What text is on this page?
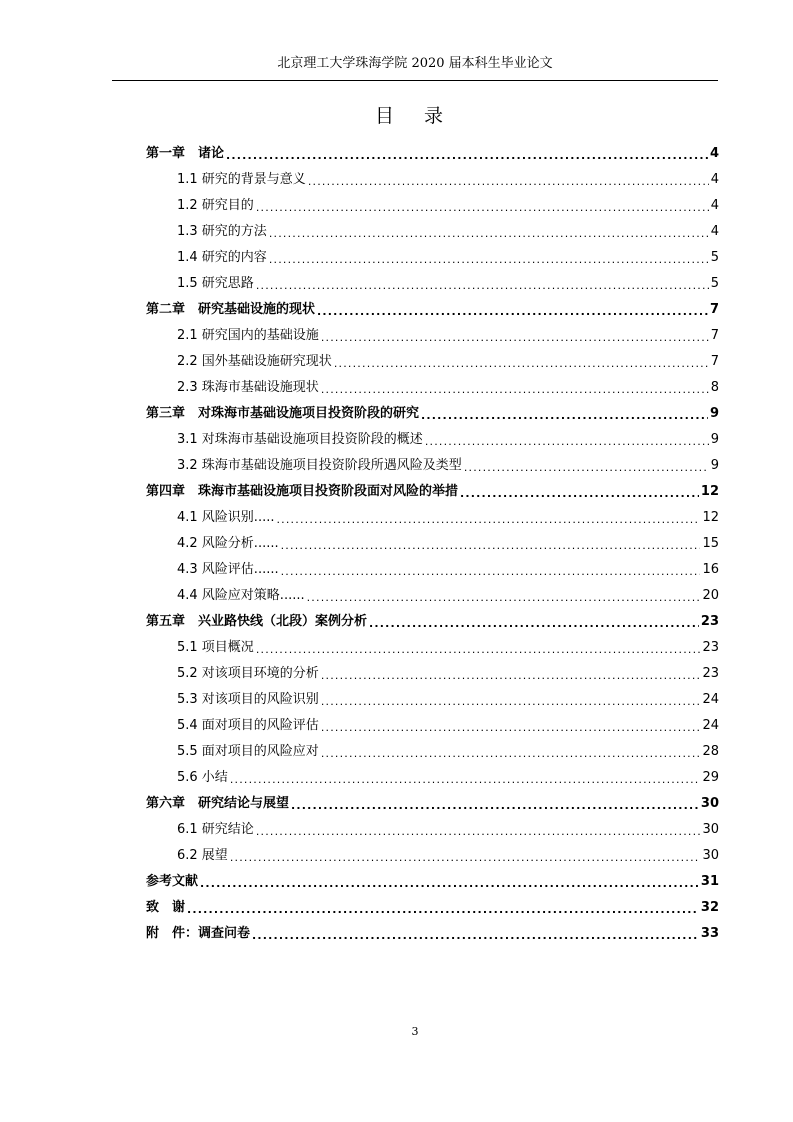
北京理工大学珠海学院 2020 届本科生毕业论文
目 录
第一章　诸论 .....	4
1.1 研究的背景与意义 .....	4
1.2 研究目的 .....	4
1.3 研究的方法 .....	4
1.4 研究的内容 .....	5
1.5 研究思路 .....	5
第二章　研究基础设施的现状 .....	7
2.1 研究国内的基础设施 .....	7
2.2 国外基础设施研究现状 .....	7
2.3 珠海市基础设施现状 .....	8
第三章　对珠海市基础设施项目投资阶段的研究 .....	9
3.1 对珠海市基础设施项目投资阶段的概述 .....	9
3.2 珠海市基础设施项目投资阶段所遇风险及类型 .....	9
第四章　珠海市基础设施项目投资阶段面对风险的举措 .....	12
4.1 风险识别..... .....	12
4.2 风险分析...... .....	15
4.3 风险评估...... .....	16
4.4 风险应对策略...... .....	20
第五章　兴业路快线（北段）案例分析 .....	23
5.1 项目概况 .....	23
5.2 对该项目环境的分析 .....	23
5.3 对该项目的风险识别 .....	24
5.4 面对项目的风险评估 .....	24
5.5 面对项目的风险应对 .....	28
5.6 小结 .....	29
第六章　研究结论与展望 .....	30
6.1 研究结论 .....	30
6.2 展望 .....	30
参考文献 .....	31
致　谢 .....	32
附　件：调查问卷 .....	33
3
